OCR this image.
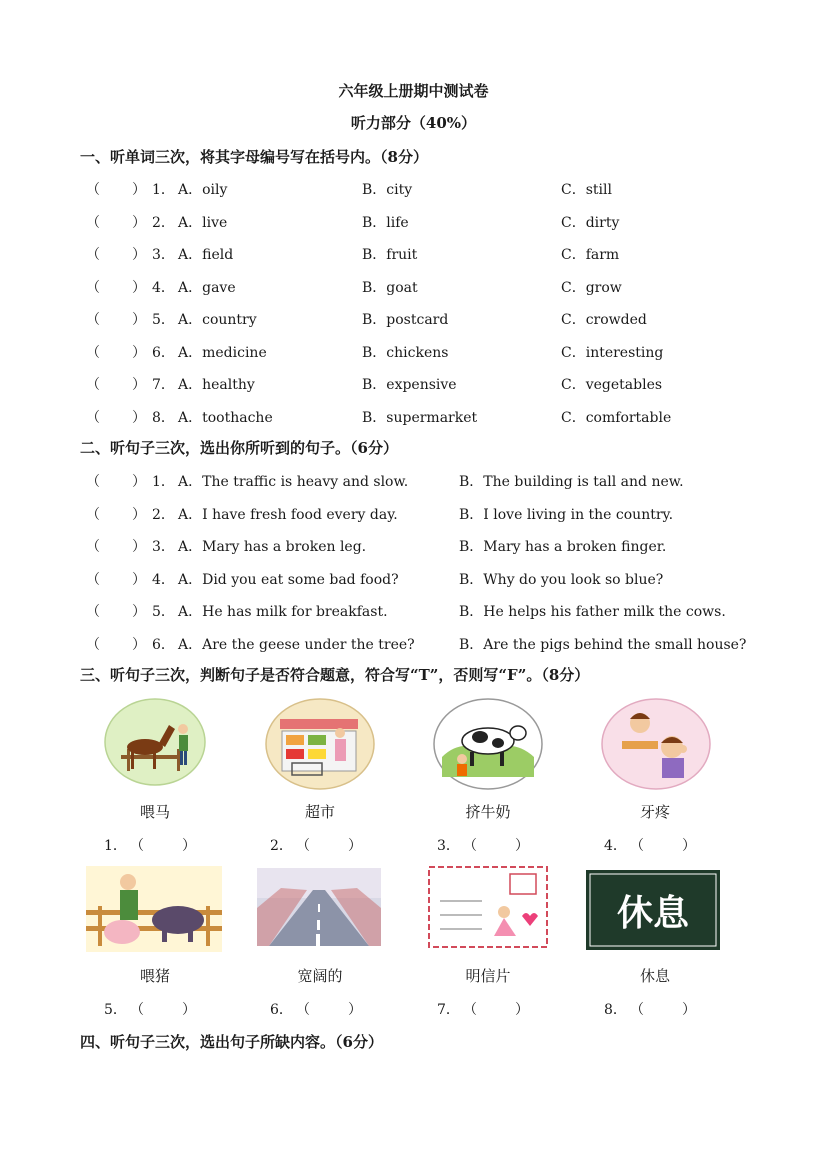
六年级上册期中测试卷
听力部分（40%）
一、听单词三次，将其字母编号写在括号内。（8分）
（ ） 1． A．oily	B．city	C．still
（ ） 2． A．live	B．life	C．dirty
（ ） 3． A．field	B．fruit	C．farm
（ ） 4． A．gave	B．goat	C．grow
（ ） 5． A．country	B．postcard	C．crowded
（ ） 6． A．medicine	B．chickens	C．interesting
（ ） 7． A．healthy	B．expensive	C．vegetables
（ ） 8． A．toothache	B．supermarket	C．comfortable
二、听句子三次，选出你所听到的句子。（6分）
（ ） 1． A．The traffic is heavy and slow.	B．The building is tall and new.
（ ） 2． A．I have fresh food every day.	B．I love living in the country.
（ ） 3． A．Mary has a broken leg.	B．Mary has a broken finger.
（ ） 4． A．Did you eat some bad food?	B．Why do you look so blue?
（ ） 5． A．He has milk for breakfast.	B．He helps his father milk the cows.
（ ） 6． A．Are the geese under the tree?	B．Are the pigs behind the small house?
三、听句子三次，判断句子是否符合题意，符合写“T”，否则写“F”。（8分）
休息
喂马
1． （	）
超市
2． （	）
挤牛奶
3． （	）
牙疼
4． （	）
喂猪
5． （	）
宽阔的
6． （	）
明信片
7． （	）
休息
8． （	）
四、听句子三次，选出句子所缺内容。（6分）
